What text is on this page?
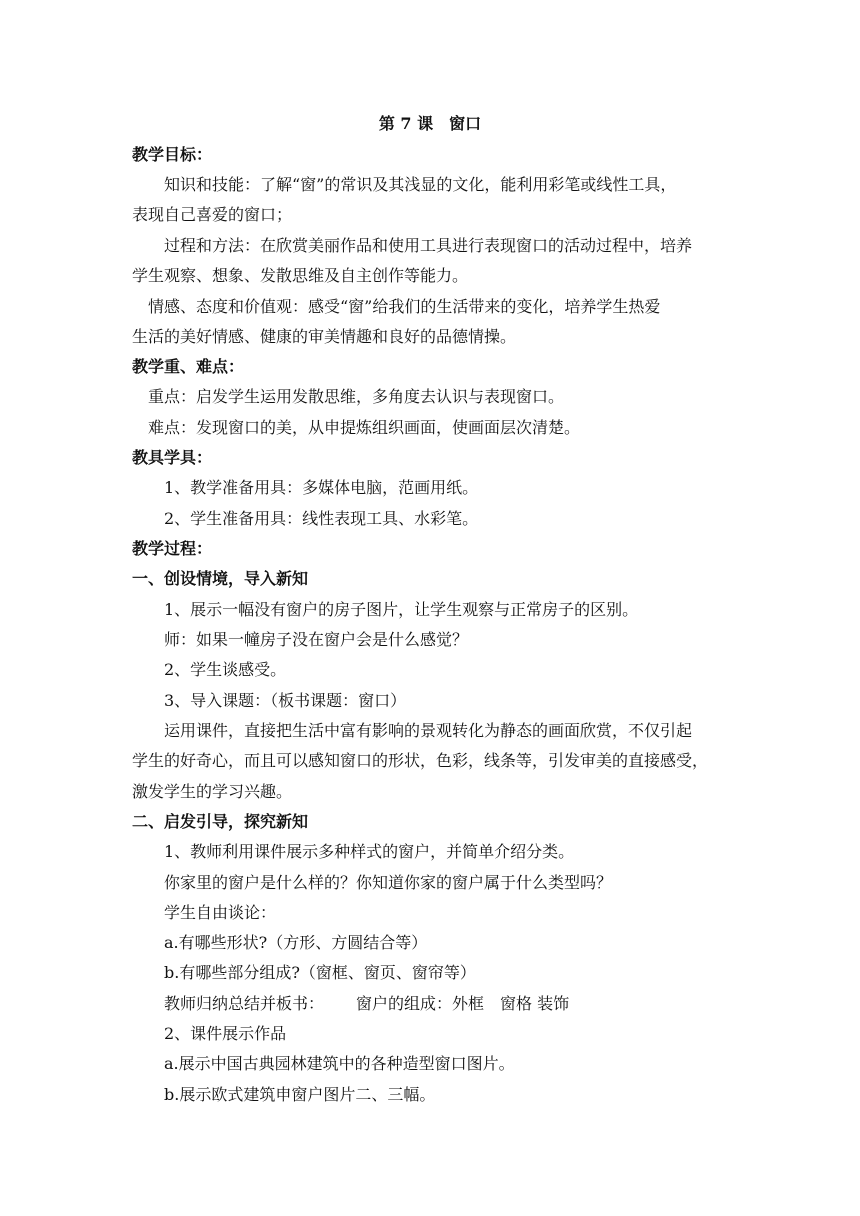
第 7 课　窗口
教学目标：
知识和技能：了解“窗”的常识及其浅显的文化，能利用彩笔或线性工具，
表现自己喜爱的窗口；
过程和方法：在欣赏美丽作品和使用工具进行表现窗口的活动过程中，培养
学生观察、想象、发散思维及自主创作等能力。
情感、态度和价值观：感受“窗”给我们的生活带来的变化，培养学生热爱
生活的美好情感、健康的审美情趣和良好的品德情操。
教学重、难点：
重点：启发学生运用发散思维，多角度去认识与表现窗口。
难点：发现窗口的美，从申提炼组织画面，使画面层次清楚。
教具学具：
1、教学准备用具：多媒体电脑，范画用纸。
2、学生准备用具：线性表现工具、水彩笔。
教学过程：
一、创设情境，导入新知
1、展示一幅没有窗户的房子图片，让学生观察与正常房子的区别。
师：如果一幢房子没在窗户会是什么感觉？
2、学生谈感受。
3、导入课题：（板书课题：窗口）
运用课件，直接把生活中富有影响的景观转化为静态的画面欣赏，不仅引起
学生的好奇心，而且可以感知窗口的形状，色彩，线条等，引发审美的直接感受，
激发学生的学习兴趣。
二、启发引导，探究新知
1、教师利用课件展示多种样式的窗户，并简单介绍分类。
你家里的窗户是什么样的？你知道你家的窗户属于什么类型吗？
学生自由谈论：
a.有哪些形状?（方形、方圆结合等）
b.有哪些部分组成?（窗框、窗页、窗帘等）
教师归纳总结并板书： 窗户的组成：外框　窗格 装饰
2、课件展示作品
a.展示中国古典园林建筑中的各种造型窗口图片。
b.展示欧式建筑申窗户图片二、三幅。
